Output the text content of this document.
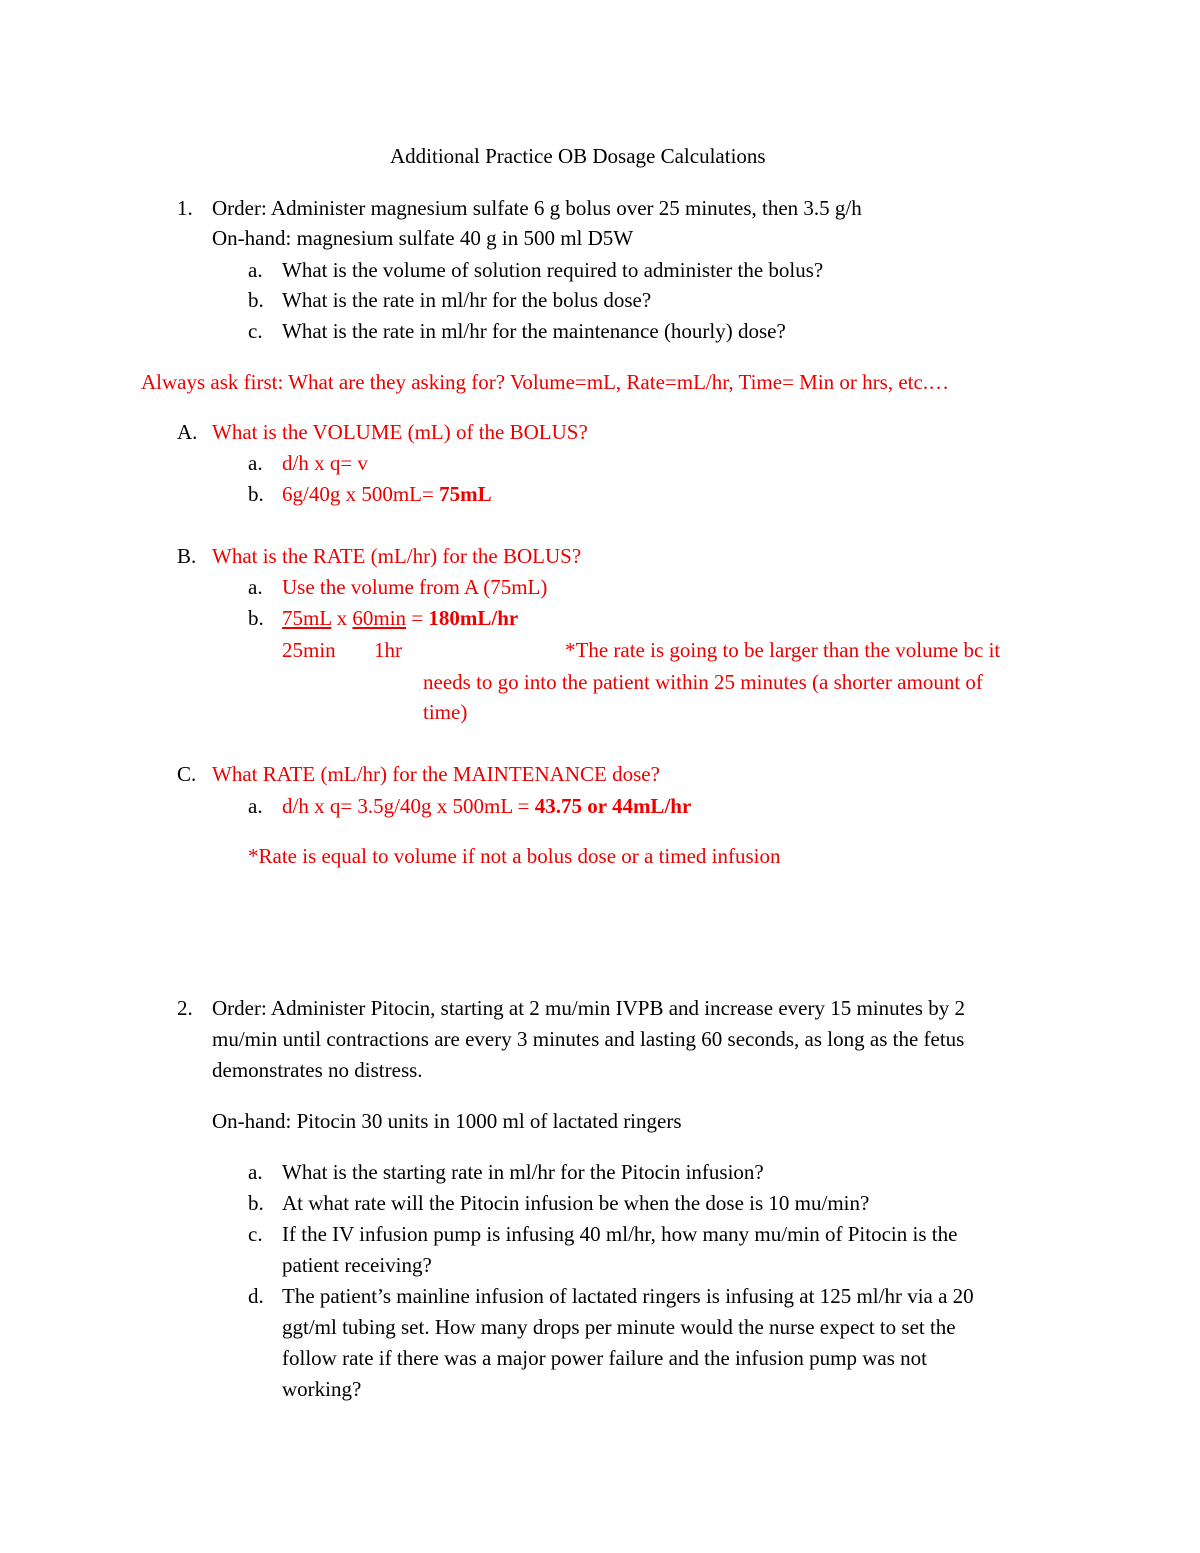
Additional Practice OB Dosage Calculations
1. Order: Administer magnesium sulfate 6 g bolus over 25 minutes, then 3.5 g/h
On-hand: magnesium sulfate 40 g in 500 ml D5W
a. What is the volume of solution required to administer the bolus?
b. What is the rate in ml/hr for the bolus dose?
c. What is the rate in ml/hr for the maintenance (hourly) dose?
Always ask first: What are they asking for? Volume=mL, Rate=mL/hr, Time= Min or hrs, etc.…
A. What is the VOLUME (mL) of the BOLUS?
a. d/h x q= v
b. 6g/40g x 500mL= 75mL
B. What is the RATE (mL/hr) for the BOLUS?
a. Use the volume from A (75mL)
b. 75mL x 60min = 180mL/hr
25min 1hr	*The rate is going to be larger than the volume bc it
needs to go into the patient within 25 minutes (a shorter amount of
time)
C. What RATE (mL/hr) for the MAINTENANCE dose?
a. d/h x q= 3.5g/40g x 500mL = 43.75 or 44mL/hr
*Rate is equal to volume if not a bolus dose or a timed infusion
2. Order: Administer Pitocin, starting at 2 mu/min IVPB and increase every 15 minutes by 2
mu/min until contractions are every 3 minutes and lasting 60 seconds, as long as the fetus
demonstrates no distress.
On-hand: Pitocin 30 units in 1000 ml of lactated ringers
a. What is the starting rate in ml/hr for the Pitocin infusion?
b. At what rate will the Pitocin infusion be when the dose is 10 mu/min?
c. If the IV infusion pump is infusing 40 ml/hr, how many mu/min of Pitocin is the
patient receiving?
d. The patient’s mainline infusion of lactated ringers is infusing at 125 ml/hr via a 20
ggt/ml tubing set. How many drops per minute would the nurse expect to set the
follow rate if there was a major power failure and the infusion pump was not
working?
